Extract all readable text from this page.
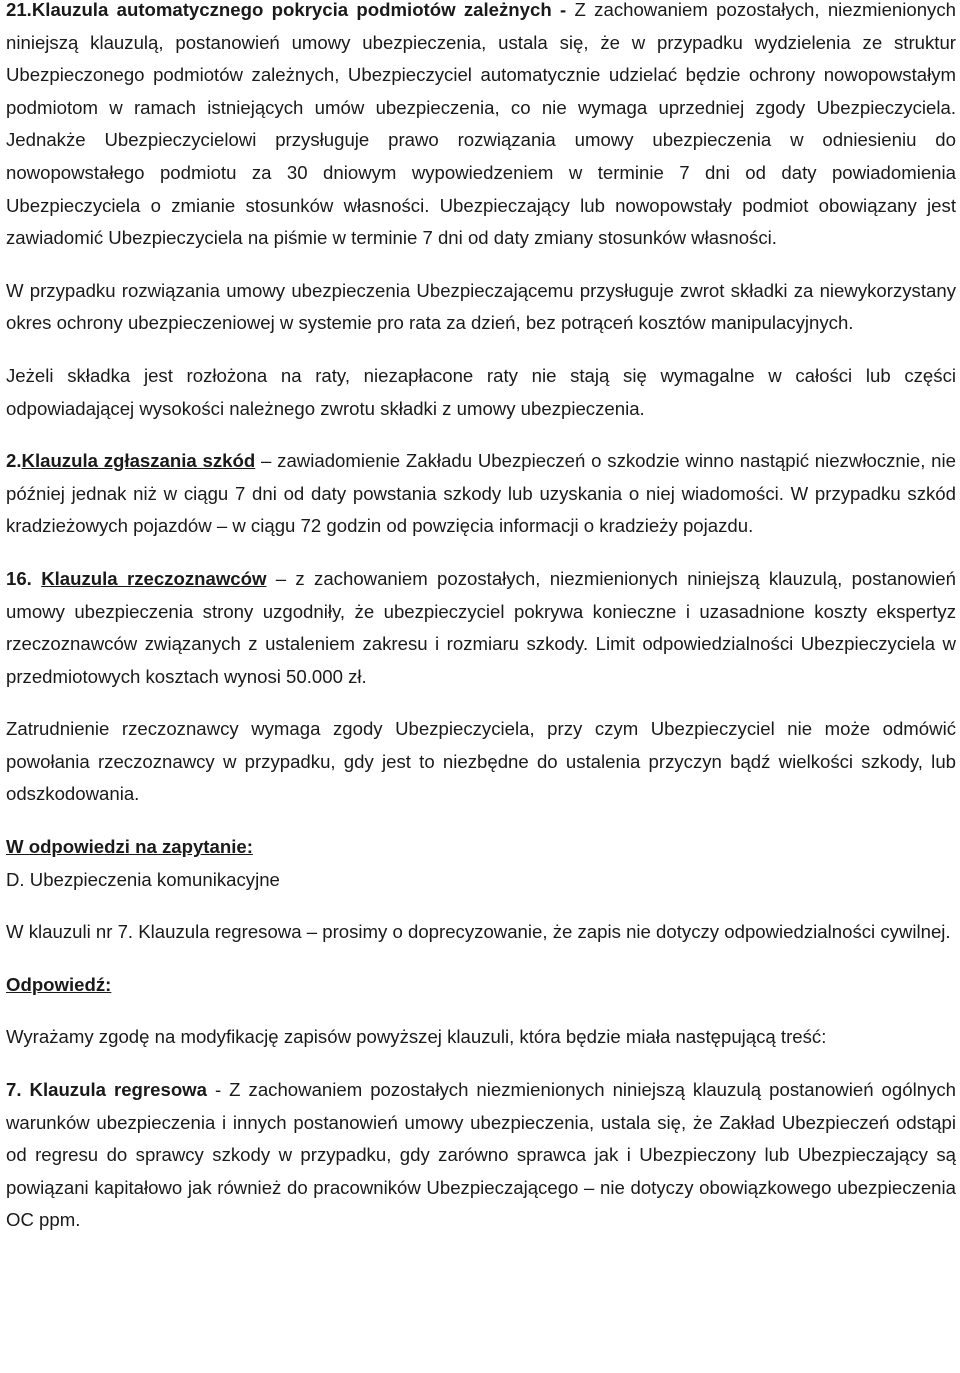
21.Klauzula automatycznego pokrycia podmiotów zależnych - Z zachowaniem pozostałych, niezmienionych niniejszą klauzulą, postanowień umowy ubezpieczenia, ustala się, że w przypadku wydzielenia ze struktur Ubezpieczonego podmiotów zależnych, Ubezpieczyciel automatycznie udzielać będzie ochrony nowopowstałym podmiotom w ramach istniejących umów ubezpieczenia, co nie wymaga uprzedniej zgody Ubezpieczyciela. Jednakże Ubezpieczycielowi przysługuje prawo rozwiązania umowy ubezpieczenia w odniesieniu do nowopowstałego podmiotu za 30 dniowym wypowiedzeniem w terminie 7 dni od daty powiadomienia Ubezpieczyciela o zmianie stosunków własności. Ubezpieczający lub nowopowstały podmiot obowiązany jest zawiadomić Ubezpieczyciela na piśmie w terminie 7 dni od daty zmiany stosunków własności.

W przypadku rozwiązania umowy ubezpieczenia Ubezpieczającemu przysługuje zwrot składki za niewykorzystany okres ochrony ubezpieczeniowej w systemie pro rata za dzień, bez potrąceń kosztów manipulacyjnych.

Jeżeli składka jest rozłożona na raty, niezapłacone raty nie stają się wymagalne w całości lub części odpowiadającej wysokości należnego zwrotu składki z umowy ubezpieczenia.

2.Klauzula zgłaszania szkód – zawiadomienie Zakładu Ubezpieczeń o szkodzie winno nastąpić niezwłocznie, nie później jednak niż w ciągu 7 dni od daty powstania szkody lub uzyskania o niej wiadomości. W przypadku szkód kradzieżowych pojazdów – w ciągu 72 godzin od powzięcia informacji o kradzieży pojazdu.

16. Klauzula rzeczoznawców – z zachowaniem pozostałych, niezmienionych niniejszą klauzulą, postanowień umowy ubezpieczenia strony uzgodniły, że ubezpieczyciel pokrywa konieczne i uzasadnione koszty ekspertyz rzeczoznawców związanych z ustaleniem zakresu i rozmiaru szkody. Limit odpowiedzialności Ubezpieczyciela w przedmiotowych kosztach wynosi 50.000 zł.

Zatrudnienie rzeczoznawcy wymaga zgody Ubezpieczyciela, przy czym Ubezpieczyciel nie może odmówić powołania rzeczoznawcy w przypadku, gdy jest to niezbędne do ustalenia przyczyn bądź wielkości szkody, lub odszkodowania.

W odpowiedzi na zapytanie:
D. Ubezpieczenia komunikacyjne

W klauzuli nr 7. Klauzula regresowa – prosimy o doprecyzowanie, że zapis nie dotyczy odpowiedzialności cywilnej.

Odpowiedź:

Wyrażamy zgodę na modyfikację zapisów powyższej klauzuli, która będzie miała następującą treść:

7. Klauzula regresowa - Z zachowaniem pozostałych niezmienionych niniejszą klauzulą postanowień ogólnych warunków ubezpieczenia i innych postanowień umowy ubezpieczenia, ustala się, że Zakład Ubezpieczeń odstąpi od regresu do sprawcy szkody w przypadku, gdy zarówno sprawca jak i Ubezpieczony lub Ubezpieczający są powiązani kapitałowo jak również do pracowników Ubezpieczającego – nie dotyczy obowiązkowego ubezpieczenia OC ppm.
